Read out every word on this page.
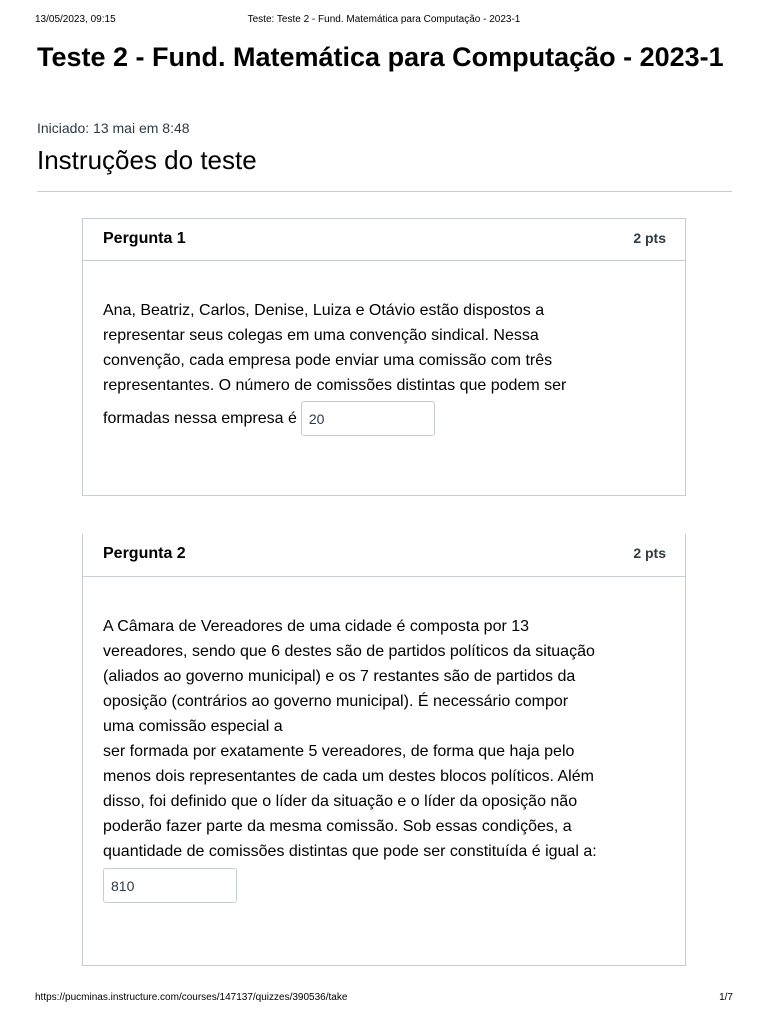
13/05/2023, 09:15	Teste: Teste 2 - Fund. Matemática para Computação - 2023-1
Teste 2 - Fund. Matemática para Computação - 2023-1
Iniciado: 13 mai em 8:48
Instruções do teste
Pergunta 1	2 pts
Ana, Beatriz, Carlos, Denise, Luiza e Otávio estão dispostos a
representar seus colegas em uma convenção sindical. Nessa
convenção, cada empresa pode enviar uma comissão com três
representantes. O número de comissões distintas que podem ser
formadas nessa empresa é20
Pergunta 2	2 pts
A Câmara de Vereadores de uma cidade é composta por 13
vereadores, sendo que 6 destes são de partidos políticos da situação
(aliados ao governo municipal) e os 7 restantes são de partidos da
oposição (contrários ao governo municipal). É necessário compor
uma comissão especial a
ser formada por exatamente 5 vereadores, de forma que haja pelo
menos dois representantes de cada um destes blocos políticos. Além
disso, foi definido que o líder da situação e o líder da oposição não
poderão fazer parte da mesma comissão. Sob essas condições, a
quantidade de comissões distintas que pode ser constituída é igual a:
810
https://pucminas.instructure.com/courses/147137/quizzes/390536/take	1/7
